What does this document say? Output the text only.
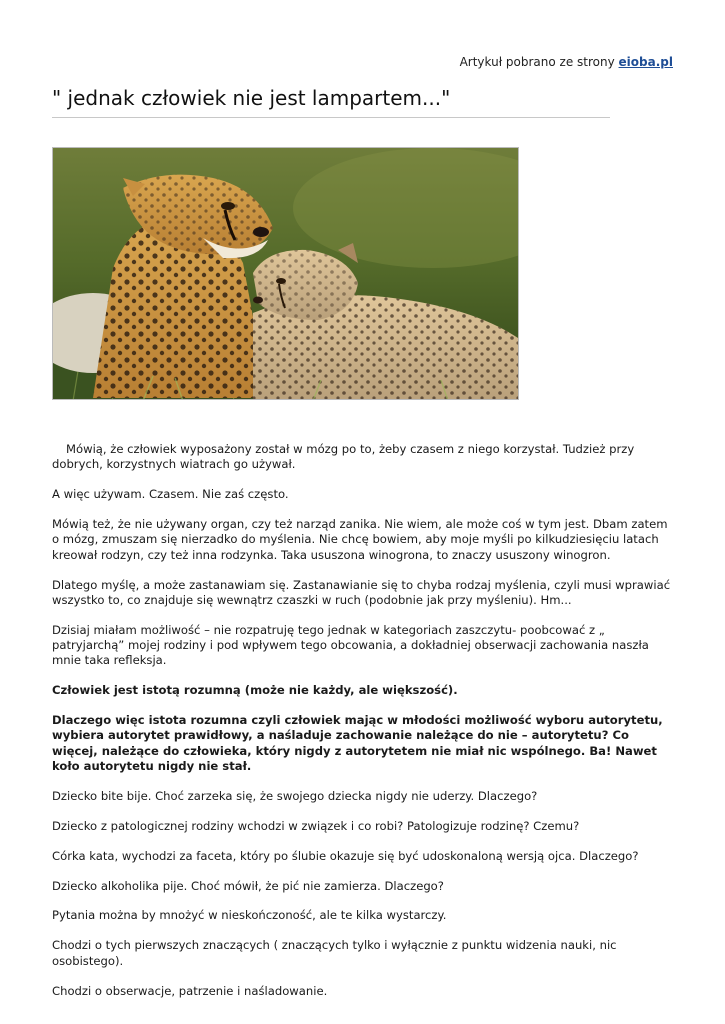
Artykuł pobrano ze strony eioba.pl
" jednak człowiek nie jest lampartem..."

Mówią, że człowiek wyposażony został w mózg po to, żeby czasem z niego korzystał. Tudzież przy dobrych, korzystnych wiatrach go używał.

A więc używam. Czasem. Nie zaś często.

Mówią też, że nie używany organ, czy też narząd zanika. Nie wiem, ale może coś w tym jest. Dbam zatem o mózg, zmuszam się nierzadko do myślenia. Nie chcę bowiem, aby moje myśli po kilkudziesięciu latach kreował rodzyn, czy też inna rodzynka. Taka ususzona winogrona, to znaczy ususzony winogron.

Dlatego myślę, a może zastanawiam się. Zastanawianie się to chyba rodzaj myślenia, czyli musi wprawiać wszystko to, co znajduje się wewnątrz czaszki w ruch (podobnie jak przy myśleniu). Hm...

Dzisiaj miałam możliwość – nie rozpatruję tego jednak w kategoriach zaszczytu- poobcować z „ patryjarchą” mojej rodziny i pod wpływem tego obcowania, a dokładniej obserwacji zachowania naszła mnie taka refleksja.

Człowiek jest istotą rozumną (może nie każdy, ale większość).

Dlaczego więc istota rozumna czyli człowiek mając w młodości możliwość wyboru autorytetu, wybiera autorytet prawidłowy, a naśladuje zachowanie należące do nie – autorytetu? Co więcej, należące do człowieka, który nigdy z autorytetem nie miał nic wspólnego. Ba! Nawet koło autorytetu nigdy nie stał.

Dziecko bite bije. Choć zarzeka się, że swojego dziecka nigdy nie uderzy. Dlaczego?

Dziecko z patologicznej rodziny wchodzi w związek i co robi? Patologizuje rodzinę? Czemu?

Córka kata, wychodzi za faceta, który po ślubie okazuje się być udoskonaloną wersją ojca. Dlaczego?

Dziecko alkoholika pije. Choć mówił, że pić nie zamierza. Dlaczego?

Pytania można by mnożyć w nieskończoność, ale te kilka wystarczy.

Chodzi o tych pierwszych znaczących ( znaczących tylko i wyłącznie z punktu widzenia nauki, nic osobistego).

Chodzi o obserwacje, patrzenie i naśladowanie.
